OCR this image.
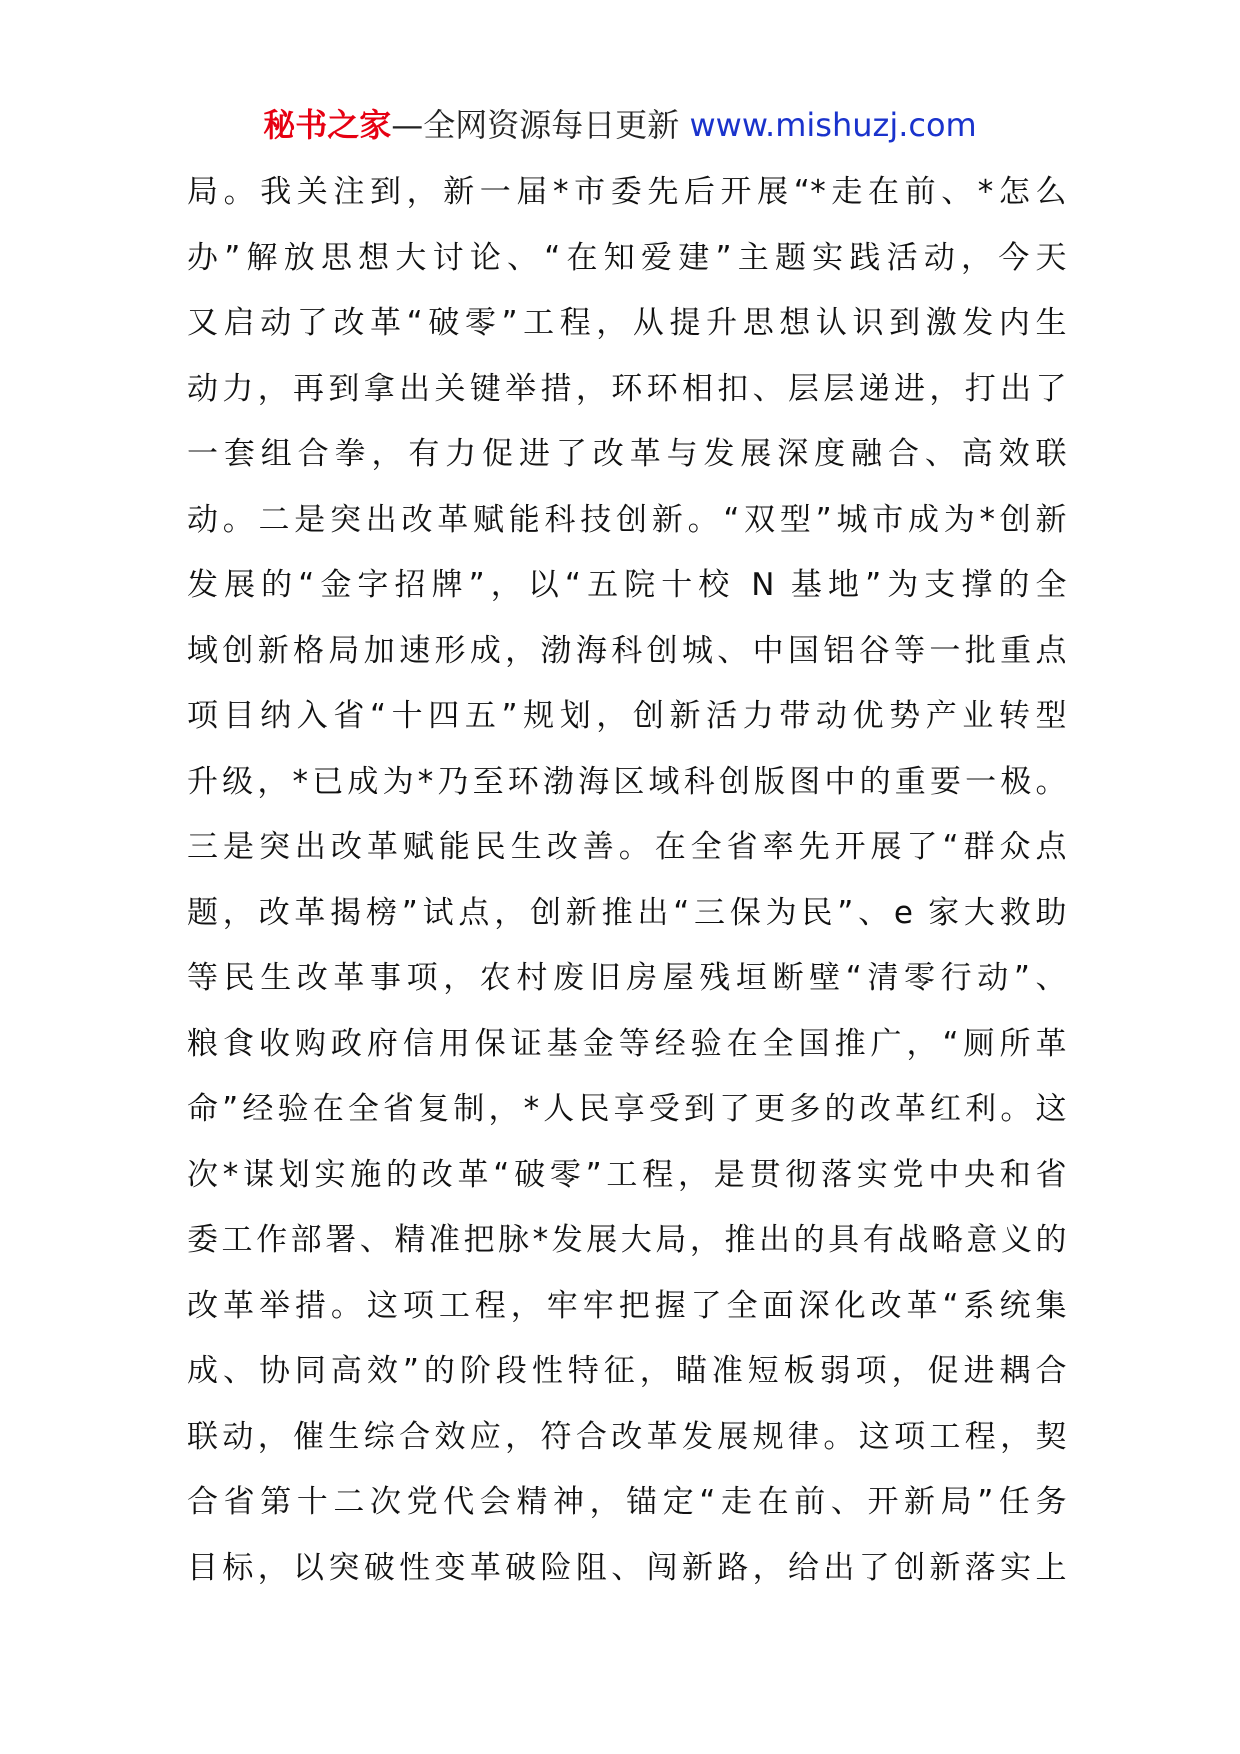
秘书之家—全网资源每日更新 www.mishuzj.com
局。我关注到，新一届*市委先后开展“*走在前、*怎么
办”解放思想大讨论、“在知爱建”主题实践活动，今天
又启动了改革“破零”工程，从提升思想认识到激发内生
动力，再到拿出关键举措，环环相扣、层层递进，打出了
一套组合拳，有力促进了改革与发展深度融合、高效联
动。二是突出改革赋能科技创新。“双型”城市成为*创新
发展的“金字招牌”，以“五院十校 N 基地”为支撑的全
域创新格局加速形成，渤海科创城、中国铝谷等一批重点
项目纳入省“十四五”规划，创新活力带动优势产业转型
升级，*已成为*乃至环渤海区域科创版图中的重要一极。
三是突出改革赋能民生改善。在全省率先开展了“群众点
题，改革揭榜”试点，创新推出“三保为民”、e 家大救助
等民生改革事项，农村废旧房屋残垣断壁“清零行动”、
粮食收购政府信用保证基金等经验在全国推广，“厕所革
命”经验在全省复制，*人民享受到了更多的改革红利。这
次*谋划实施的改革“破零”工程，是贯彻落实党中央和省
委工作部署、精准把脉*发展大局，推出的具有战略意义的
改革举措。这项工程，牢牢把握了全面深化改革“系统集
成、协同高效”的阶段性特征，瞄准短板弱项，促进耦合
联动，催生综合效应，符合改革发展规律。这项工程，契
合省第十二次党代会精神，锚定“走在前、开新局”任务
目标，以突破性变革破险阻、闯新路，给出了创新落实上
